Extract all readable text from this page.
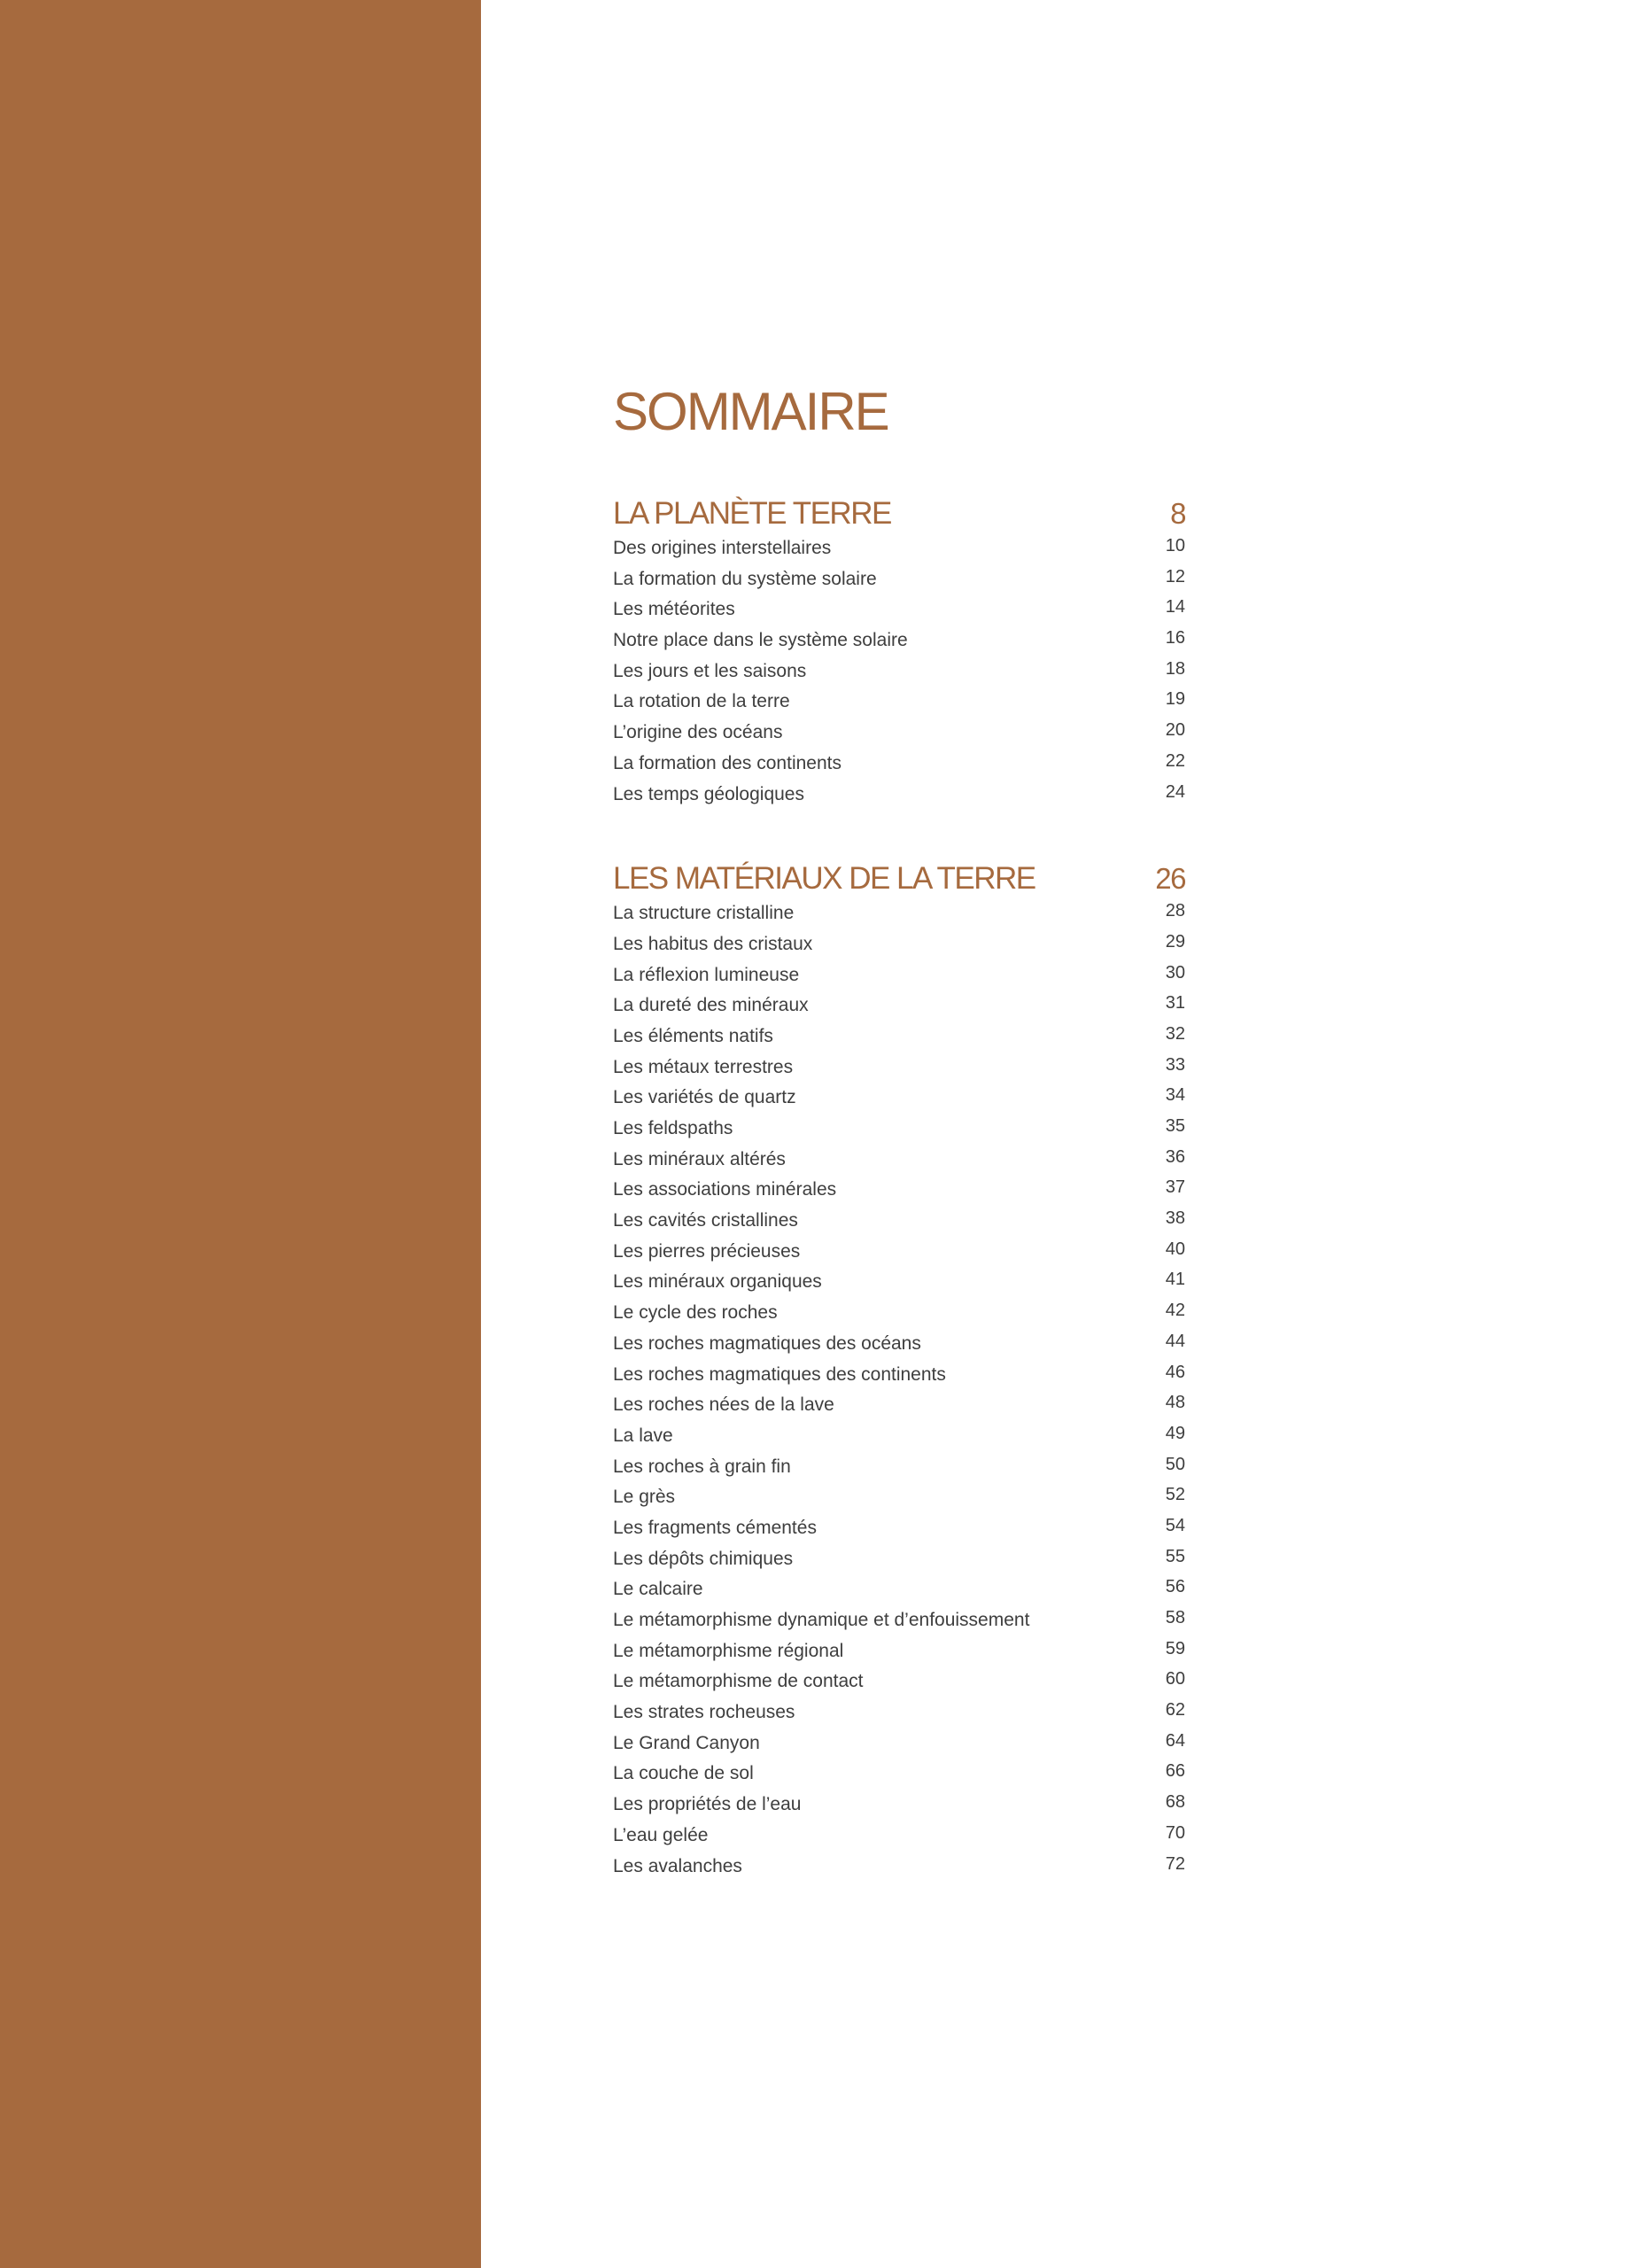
SOMMAIRE
LA PLANÈTE TERRE	8
Des origines interstellaires	10
La formation du système solaire	12
Les météorites	14
Notre place dans le système solaire	16
Les jours et les saisons	18
La rotation de la terre	19
L’origine des océans	20
La formation des continents	22
Les temps géologiques	24
LES MATÉRIAUX DE LA TERRE	26
La structure cristalline	28
Les habitus des cristaux	29
La réflexion lumineuse	30
La dureté des minéraux	31
Les éléments natifs	32
Les métaux terrestres	33
Les variétés de quartz	34
Les feldspaths	35
Les minéraux altérés	36
Les associations minérales	37
Les cavités cristallines	38
Les pierres précieuses	40
Les minéraux organiques	41
Le cycle des roches	42
Les roches magmatiques des océans	44
Les roches magmatiques des continents	46
Les roches nées de la lave	48
La lave	49
Les roches à grain fin	50
Le grès	52
Les fragments cémentés	54
Les dépôts chimiques	55
Le calcaire	56
Le métamorphisme dynamique et d’enfouissement	58
Le métamorphisme régional	59
Le métamorphisme de contact	60
Les strates rocheuses	62
Le Grand Canyon	64
La couche de sol	66
Les propriétés de l’eau	68
L’eau gelée	70
Les avalanches	72
